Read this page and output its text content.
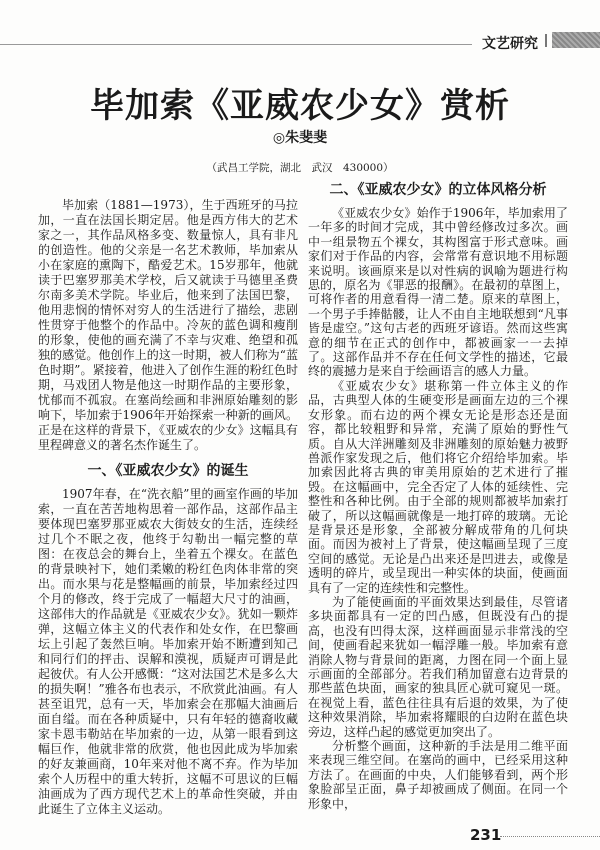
文艺研究
毕加索《亚威农少女》赏析
◎朱斐斐
（武昌工学院，湖北　武汉　430000）

毕加索（1881—1973），生于西班牙的马拉加，一直在法国长期定居。他是西方伟大的艺术家之一，其作品风格多变、数量惊人，具有非凡的创造性。他的父亲是一名艺术教师，毕加索从小在家庭的熏陶下，酷爱艺术。15岁那年，他就读于巴塞罗那美术学校，后又就读于马德里圣费尔南多美术学院。毕业后，他来到了法国巴黎，他用悲悯的情怀对穷人的生活进行了描绘，悲剧性贯穿于他整个的作品中。冷灰的蓝色调和瘦削的形象，使他的画充满了不幸与灾难、绝望和孤独的感觉。他创作上的这一时期，被人们称为“蓝色时期”。紧接着，他进入了创作生涯的粉红色时期，马戏团人物是他这一时期作品的主要形象，忧郁而不孤寂。在塞尚绘画和非洲原始雕刻的影响下，毕加索于1906年开始探索一种新的画风。正是在这样的背景下，《亚威农的少女》这幅具有里程碑意义的著名杰作诞生了。

一、《亚威农少女》的诞生

1907年春，在“洗衣船”里的画室作画的毕加索，一直在苦苦地构思着一部作品，这部作品主要体现巴塞罗那亚威农大街妓女的生活，连续经过几个不眠之夜，他终于勾勒出一幅完整的草图：在夜总会的舞台上，坐着五个裸女。在蓝色的背景映衬下，她们柔嫩的粉红色肉体非常的突出。而水果与花是整幅画的前景，毕加索经过四个月的修改，终于完成了一幅超大尺寸的油画，这部伟大的作品就是《亚威农少女》。犹如一颗炸弹，这幅立体主义的代表作和处女作，在巴黎画坛上引起了轰然巨响。毕加索开始不断遭到知己和同行们的抨击、误解和漠视，质疑声可谓是此起彼伏。有人公开感慨：“这对法国艺术是多么大的损失啊！”雅各布也表示，不欣赏此油画。有人甚至诅咒，总有一天，毕加索会在那幅大油画后面自缢。而在各种质疑中，只有年轻的德裔收藏家卡恩韦勒站在毕加索的一边，从第一眼看到这幅巨作，他就非常的欣赏，他也因此成为毕加索的好友兼画商，10年来对他不离不弃。作为毕加索个人历程中的重大转折，这幅不可思议的巨幅油画成为了西方现代艺术上的革命性突破，并由此诞生了立体主义运动。

二、《亚威农少女》的立体风格分析

《亚威农少女》始作于1906年，毕加索用了一年多的时间才完成，其中曾经修改过多次。画中一组景物五个裸女，其构图富于形式意味。画家们对于作品的内容，会常常有意识地不用标题来说明。该画原来是以对性病的讽喻为题进行构思的，原名为《罪恶的报酬》。在最初的草图上，可将作者的用意看得一清二楚。原来的草图上，一个男子手捧骷髅，让人不由自主地联想到“凡事皆是虚空。”这句古老的西班牙谚语。然而这些寓意的细节在正式的创作中，都被画家一一去掉了。这部作品并不存在任何文学性的描述，它最终的震撼力是来自于绘画语言的感人力量。

《亚威农少女》堪称第一件立体主义的作品，古典型人体的生硬变形是画面左边的三个裸女形象。而右边的两个裸女无论是形态还是面容，都比较粗野和异常，充满了原始的野性气质。自从大洋洲雕刻及非洲雕刻的原始魅力被野兽派作家发现之后，他们将它介绍给毕加索。毕加索因此将古典的审美用原始的艺术进行了摧毁。在这幅画中，完全否定了人体的延续性、完整性和各种比例。由于全部的规则都被毕加索打破了，所以这幅画就像是一地打碎的玻璃。无论是背景还是形象，全部被分解成带角的几何块面。而因为被衬上了背景，使这幅画呈现了三度空间的感觉。无论是凸出来还是凹进去，或像是透明的碎片，或呈现出一种实体的块面，使画面具有了一定的连续性和完整性。

为了能使画面的平面效果达到最佳，尽管诸多块面都具有一定的凹凸感，但既没有凸的提高，也没有凹得太深，这样画面显示非常浅的空间，使画看起来犹如一幅浮雕一般。毕加索有意消除人物与背景间的距离，力图在同一个面上显示画面的全部部分。若我们稍加留意右边背景的那些蓝色块面，画家的独具匠心就可窥见一斑。在视觉上看，蓝色往往具有后退的效果，为了使这种效果消除，毕加索将耀眼的白边附在蓝色块旁边，这样凸起的感觉更加突出了。

分析整个画面，这种新的手法是用二维平面来表现三维空间。在塞尚的画中，已经采用这种方法了。在画面的中央，人们能够看到，两个形象脸部呈正面，鼻子却被画成了侧面。在同一个形象中，

231
